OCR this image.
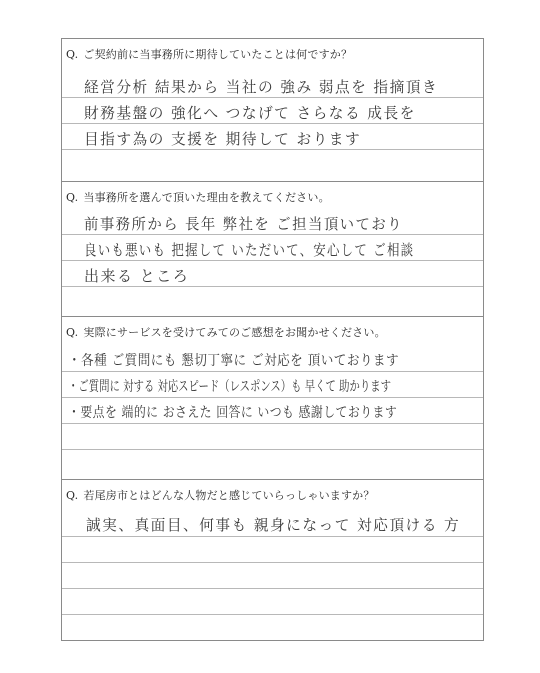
Q. ご契約前に当事務所に期待していたことは何ですか？
経営分析 結果から 当社の 強み 弱点を 指摘頂き
財務基盤の 強化へ つなげて さらなる 成長を
目指す為の 支援を 期待して おります
Q. 当事務所を選んで頂いた理由を教えてください。
前事務所から 長年 弊社を ご担当頂いており
良いも悪いも 把握して いただいて、安心して ご相談
出来る ところ
Q. 実際にサービスを受けてみてのご感想をお聞かせください。
・各種 ご質問にも 懇切丁寧に ご対応を 頂いております
・ご質問に 対する 対応スピード（レスポンス）も 早くて 助かります
・要点を 端的に おさえた 回答に いつも 感謝しております
Q. 若尾房市とはどんな人物だと感じていらっしゃいますか？
誠実、真面目、何事も 親身になって 対応頂ける 方
